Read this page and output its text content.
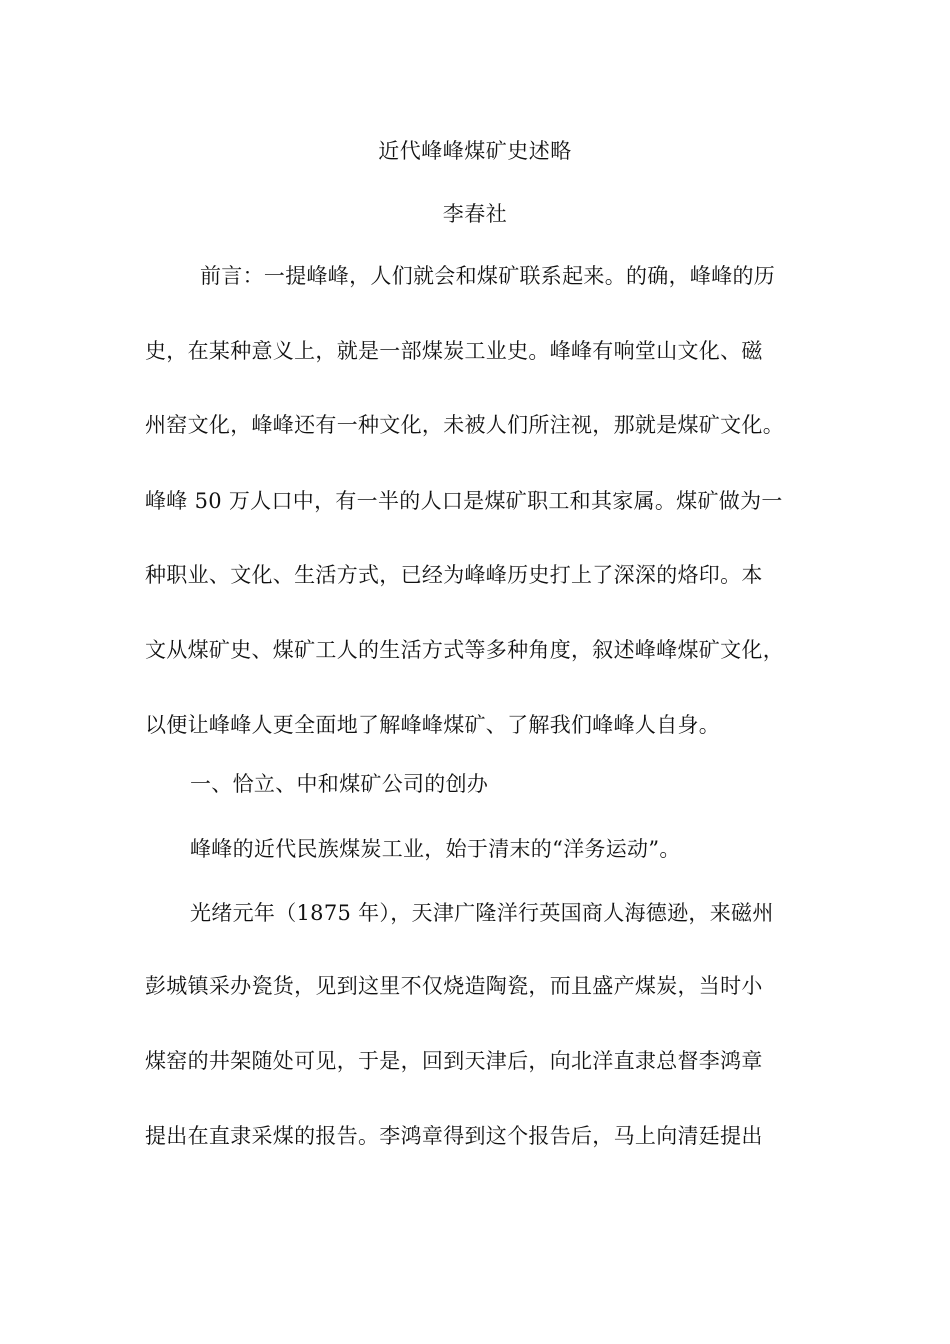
近代峰峰煤矿史述略
李春社
前言：一提峰峰，人们就会和煤矿联系起来。的确，峰峰的历
史，在某种意义上，就是一部煤炭工业史。峰峰有响堂山文化、磁
州窑文化，峰峰还有一种文化，未被人们所注视，那就是煤矿文化。
峰峰 50 万人口中，有一半的人口是煤矿职工和其家属。煤矿做为一
种职业、文化、生活方式，已经为峰峰历史打上了深深的烙印。本
文从煤矿史、煤矿工人的生活方式等多种角度，叙述峰峰煤矿文化，
以便让峰峰人更全面地了解峰峰煤矿、了解我们峰峰人自身。
一、恰立、中和煤矿公司的创办
峰峰的近代民族煤炭工业，始于清末的“洋务运动”。
光绪元年（1875 年），天津广隆洋行英国商人海德逊，来磁州
彭城镇采办瓷货，见到这里不仅烧造陶瓷，而且盛产煤炭，当时小
煤窑的井架随处可见，于是，回到天津后，向北洋直隶总督李鸿章
提出在直隶采煤的报告。李鸿章得到这个报告后，马上向清廷提出
